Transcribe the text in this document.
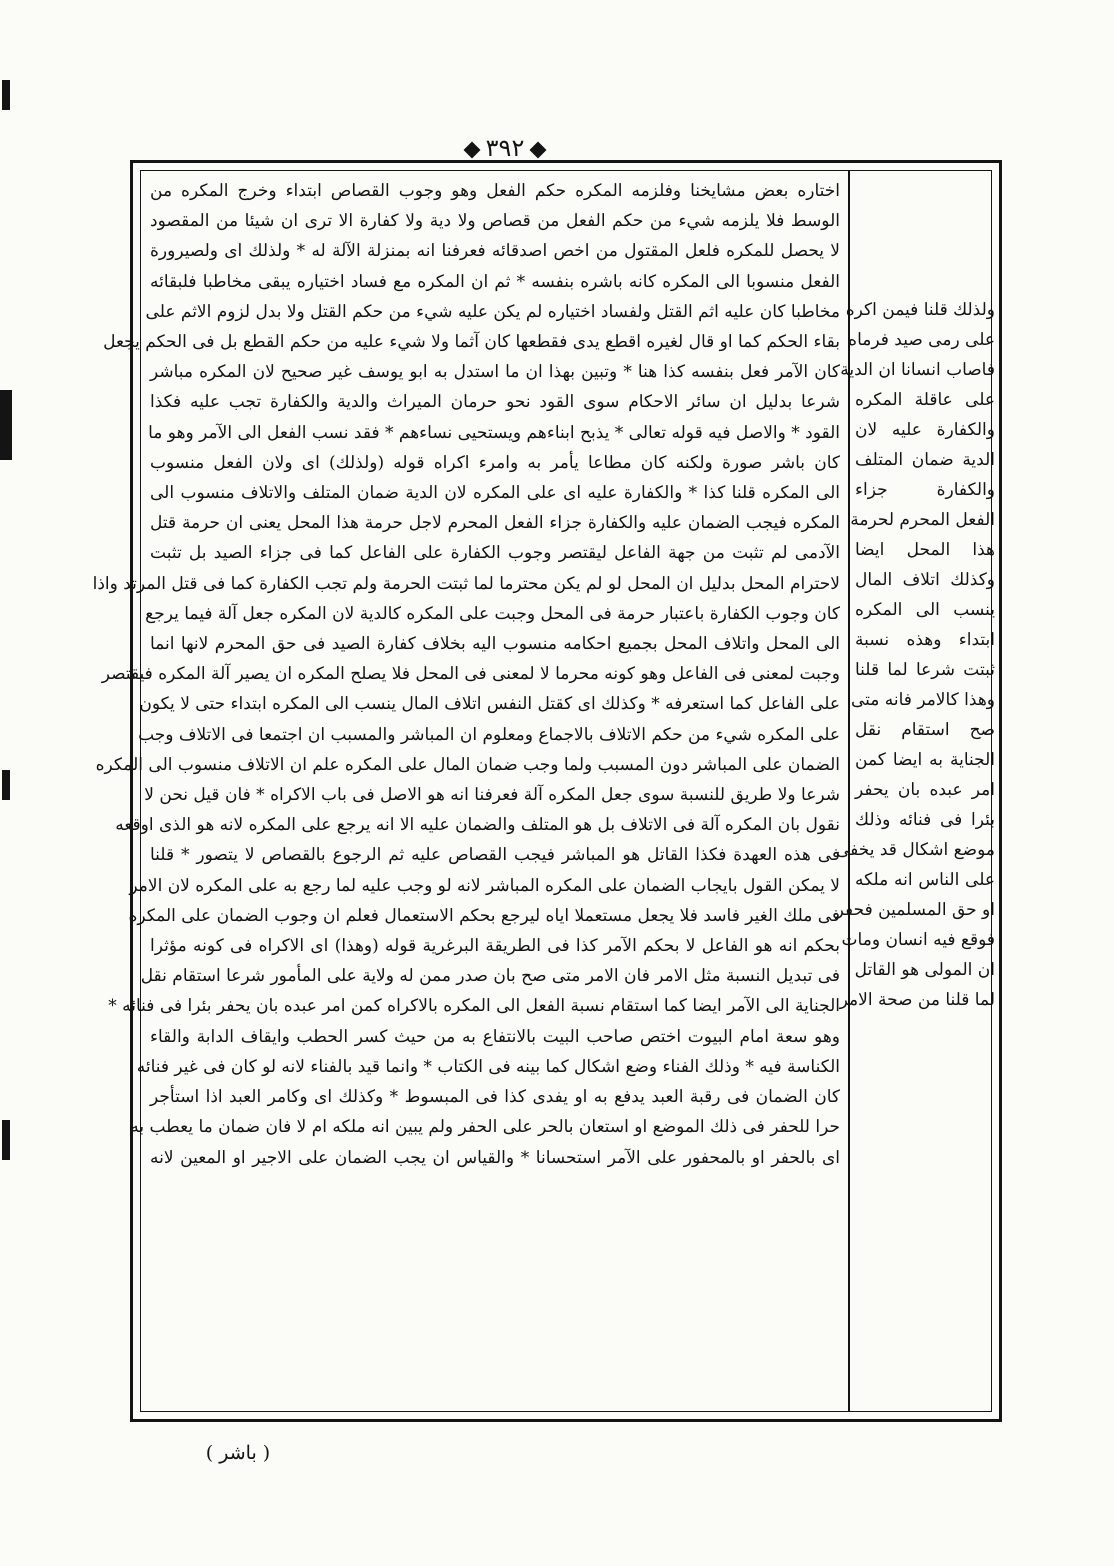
٣٩٢
اختاره بعض مشايخنا وفلزمه المكره حكم الفعل وهو وجوب القصاص ابتداء وخرج المكره من
الوسط فلا يلزمه شيء من حكم الفعل من قصاص ولا دية ولا كفارة الا ترى ان شيئا من المقصود
لا يحصل للمكره فلعل المقتول من اخص اصدقائه فعرفنا انه بمنزلة الآلة له * ولذلك اى ولصيرورة
الفعل منسوبا الى المكره كانه باشره بنفسه * ثم ان المكره مع فساد اختياره يبقى مخاطبا فلبقائه
مخاطبا كان عليه اثم القتل ولفساد اختياره لم يكن عليه شيء من حكم القتل ولا بدل لزوم الاثم على
بقاء الحكم كما او قال لغيره اقطع يدى فقطعها كان آثما ولا شيء عليه من حكم القطع بل فى الحكم يجعل
كان الآمر فعل بنفسه كذا هنا * وتبين بهذا ان ما استدل به ابو يوسف غير صحيح لان المكره مباشر
شرعا بدليل ان سائر الاحكام سوى القود نحو حرمان الميراث والدية والكفارة تجب عليه فكذا
القود * والاصل فيه قوله تعالى * يذبح ابناءهم ويستحيى نساءهم * فقد نسب الفعل الى الآمر وهو ما
كان باشر صورة ولكنه كان مطاعا يأمر به وامرء اكراه قوله (ولذلك) اى ولان الفعل منسوب
الى المكره قلنا كذا * والكفارة عليه اى على المكره لان الدية ضمان المتلف والاتلاف منسوب الى
المكره فيجب الضمان عليه والكفارة جزاء الفعل المحرم لاجل حرمة هذا المحل يعنى ان حرمة قتل
الآدمى لم تثبت من جهة الفاعل ليقتصر وجوب الكفارة على الفاعل كما فى جزاء الصيد بل تثبت
لاحترام المحل بدليل ان المحل لو لم يكن محترما لما ثبتت الحرمة ولم تجب الكفارة كما فى قتل المرتد واذا
كان وجوب الكفارة باعتبار حرمة فى المحل وجبت على المكره كالدية لان المكره جعل آلة فيما يرجع
الى المحل واتلاف المحل بجميع احكامه منسوب اليه بخلاف كفارة الصيد فى حق المحرم لانها انما
وجبت لمعنى فى الفاعل وهو كونه محرما لا لمعنى فى المحل فلا يصلح المكره ان يصير آلة المكره فيقتصر
على الفاعل كما استعرفه * وكذلك اى كقتل النفس اتلاف المال ينسب الى المكره ابتداء حتى لا يكون
على المكره شيء من حكم الاتلاف بالاجماع ومعلوم ان المباشر والمسبب ان اجتمعا فى الاتلاف وجب
الضمان على المباشر دون المسبب ولما وجب ضمان المال على المكره علم ان الاتلاف منسوب الى المكره
شرعا ولا طريق للنسبة سوى جعل المكره آلة فعرفنا انه هو الاصل فى باب الاكراه * فان قيل نحن لا
نقول بان المكره آلة فى الاتلاف بل هو المتلف والضمان عليه الا انه يرجع على المكره لانه هو الذى اوقعه
فى هذه العهدة فكذا القاتل هو المباشر فيجب القصاص عليه ثم الرجوع بالقصاص لا يتصور * قلنا
لا يمكن القول بايجاب الضمان على المكره المباشر لانه لو وجب عليه لما رجع به على المكره لان الامر
فى ملك الغير فاسد فلا يجعل مستعملا اياه ليرجع بحكم الاستعمال فعلم ان وجوب الضمان على المكره
بحكم انه هو الفاعل لا بحكم الآمر كذا فى الطريقة البرغرية قوله (وهذا) اى الاكراه فى كونه مؤثرا
فى تبديل النسبة مثل الامر فان الامر متى صح بان صدر ممن له ولاية على المأمور شرعا استقام نقل
الجناية الى الآمر ايضا كما استقام نسبة الفعل الى المكره بالاكراه كمن امر عبده بان يحفر بئرا فى فنائه *
وهو سعة امام البيوت اختص صاحب البيت بالانتفاع به من حيث كسر الحطب وايقاف الدابة والقاء
الكناسة فيه * وذلك الفناء وضع اشكال كما بينه فى الكتاب * وانما قيد بالفناء لانه لو كان فى غير فنائه
كان الضمان فى رقبة العبد يدفع به او يفدى كذا فى المبسوط * وكذلك اى وكامر العبد اذا استأجر
حرا للحفر فى ذلك الموضع او استعان بالحر على الحفر ولم يبين انه ملكه ام لا فان ضمان ما يعطب به
اى بالحفر او بالمحفور على الآمر استحسانا * والقياس ان يجب الضمان على الاجير او المعين لانه
ولذلك قلنا فيمن اكره
على رمى صيد فرماه
فاصاب انسانا ان الدية
على عاقلة المكره
والكفارة عليه لان
الدية ضمان المتلف
والكفارة جزاء
الفعل المحرم لحرمة
هذا المحل ايضا
وكذلك اتلاف المال
ينسب الى المكره
ابتداء وهذه نسبة
ثبتت شرعا لما قلنا
وهذا كالامر فانه متى
صح استقام نقل
الجناية به ايضا كمن
امر عبده بان يحفر
بئرا فى فنائه وذلك
موضع اشكال قد يخفى
على الناس انه ملكه
او حق المسلمين فحفر
فوقع فيه انسان ومات
ان المولى هو القاتل
لما قلنا من صحة الامر
( باشر )
